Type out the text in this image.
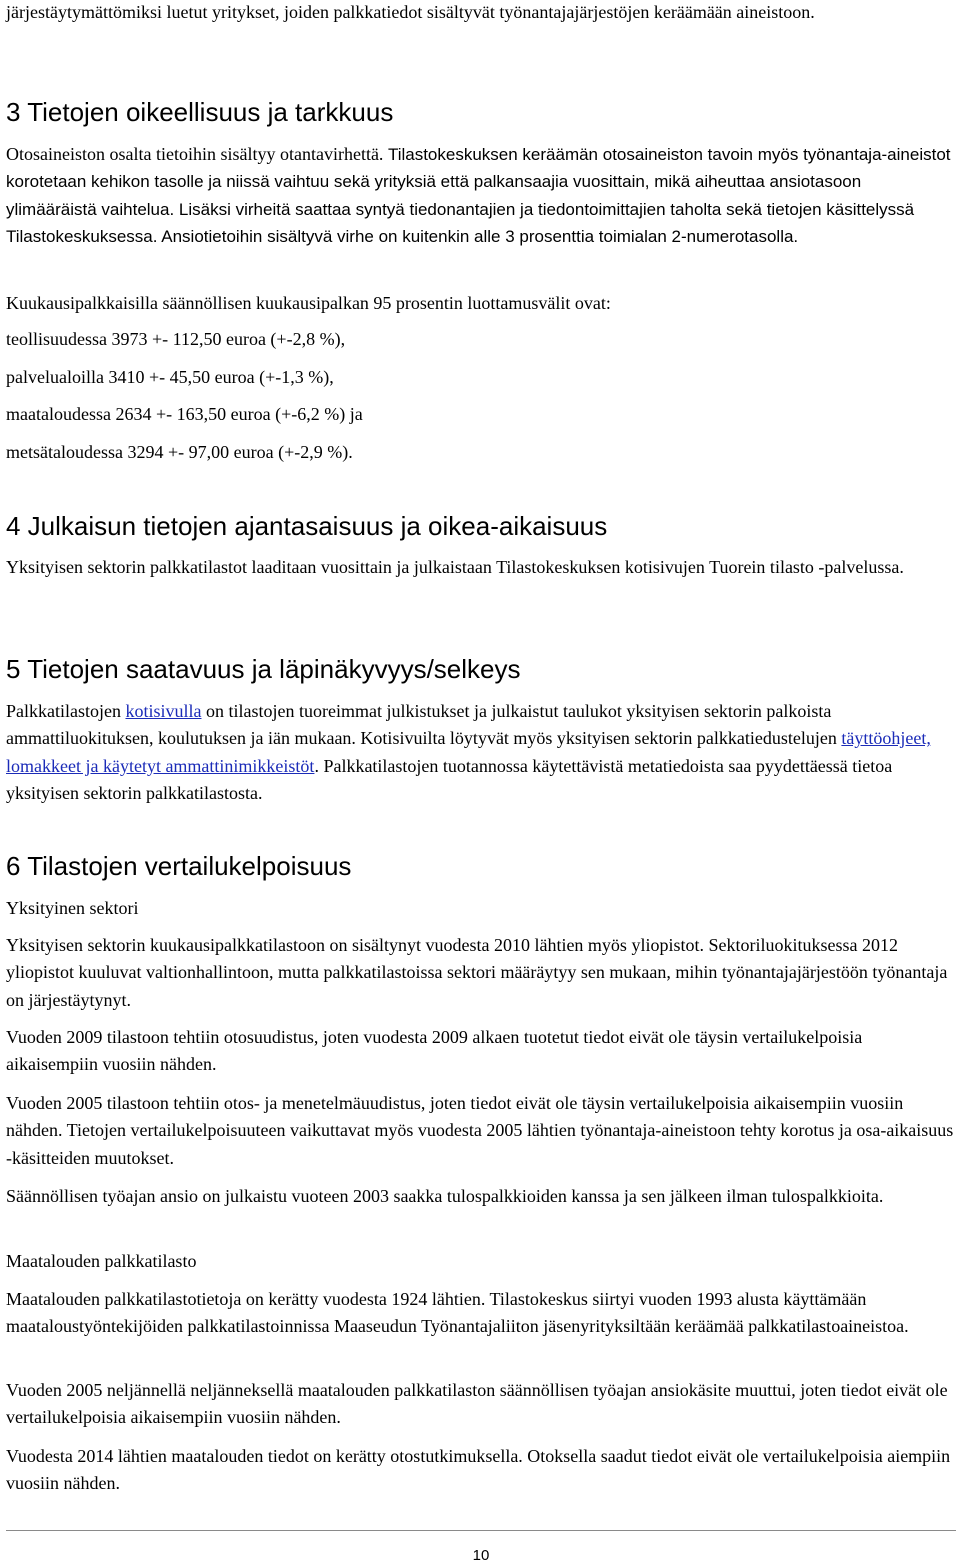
järjestäytymättömiksi luetut yritykset, joiden palkkatiedot sisältyvät työnantajajärjestöjen keräämään aineistoon.

3 Tietojen oikeellisuus ja tarkkuus

Otosaineiston osalta tietoihin sisältyy otantavirhettä. Tilastokeskuksen keräämän otosaineiston tavoin myös työnantaja-aineistot korotetaan kehikon tasolle ja niissä vaihtuu sekä yrityksiä että palkansaajia vuosittain, mikä aiheuttaa ansiotasoon ylimääräistä vaihtelua. Lisäksi virheitä saattaa syntyä tiedonantajien ja tiedontoimittajien taholta sekä tietojen käsittelyssä Tilastokeskuksessa. Ansiotietoihin sisältyvä virhe on kuitenkin alle 3 prosenttia toimialan 2-numerotasolla.

Kuukausipalkkaisilla säännöllisen kuukausipalkan 95 prosentin luottamusvälit ovat:

teollisuudessa 3973 +- 112,50 euroa (+-2,8 %),

palvelualoilla 3410 +- 45,50 euroa (+-1,3 %),

maataloudessa 2634 +- 163,50 euroa (+-6,2 %) ja

metsätaloudessa 3294 +- 97,00 euroa (+-2,9 %).

4 Julkaisun tietojen ajantasaisuus ja oikea-aikaisuus

Yksityisen sektorin palkkatilastot laaditaan vuosittain ja julkaistaan Tilastokeskuksen kotisivujen Tuorein tilasto -palvelussa.

5 Tietojen saatavuus ja läpinäkyvyys/selkeys

Palkkatilastojen kotisivulla on tilastojen tuoreimmat julkistukset ja julkaistut taulukot yksityisen sektorin palkoista ammattiluokituksen, koulutuksen ja iän mukaan. Kotisivuilta löytyvät myös yksityisen sektorin palkkatiedustelujen täyttöohjeet, lomakkeet ja käytetyt ammattinimikkeistöt. Palkkatilastojen tuotannossa käytettävistä metatiedoista saa pyydettäessä tietoa yksityisen sektorin palkkatilastosta.

6 Tilastojen vertailukelpoisuus

Yksityinen sektori

Yksityisen sektorin kuukausipalkkatilastoon on sisältynyt vuodesta 2010 lähtien myös yliopistot. Sektoriluokituksessa 2012 yliopistot kuuluvat valtionhallintoon, mutta palkkatilastoissa sektori määräytyy sen mukaan, mihin työnantajajärjestöön työnantaja on järjestäytynyt.

Vuoden 2009 tilastoon tehtiin otosuudistus, joten vuodesta 2009 alkaen tuotetut tiedot eivät ole täysin vertailukelpoisia aikaisempiin vuosiin nähden.

Vuoden 2005 tilastoon tehtiin otos- ja menetelmäuudistus, joten tiedot eivät ole täysin vertailukelpoisia aikaisempiin vuosiin nähden. Tietojen vertailukelpoisuuteen vaikuttavat myös vuodesta 2005 lähtien työnantaja-aineistoon tehty korotus ja osa-aikaisuus -käsitteiden muutokset.

Säännöllisen työajan ansio on julkaistu vuoteen 2003 saakka tulospalkkioiden kanssa ja sen jälkeen ilman tulospalkkioita.

Maatalouden palkkatilasto

Maatalouden palkkatilastotietoja on kerätty vuodesta 1924 lähtien. Tilastokeskus siirtyi vuoden 1993 alusta käyttämään maataloustyöntekijöiden palkkatilastoinnissa Maaseudun Työnantajaliiton jäsenyrityksiltään keräämää palkkatilastoaineistoa.

Vuoden 2005 neljännellä neljänneksellä maatalouden palkkatilaston säännöllisen työajan ansiokäsite muuttui, joten tiedot eivät ole vertailukelpoisia aikaisempiin vuosiin nähden.

Vuodesta 2014 lähtien maatalouden tiedot on kerätty otostutkimuksella. Otoksella saadut tiedot eivät ole vertailukelpoisia aiempiin vuosiin nähden.

10
